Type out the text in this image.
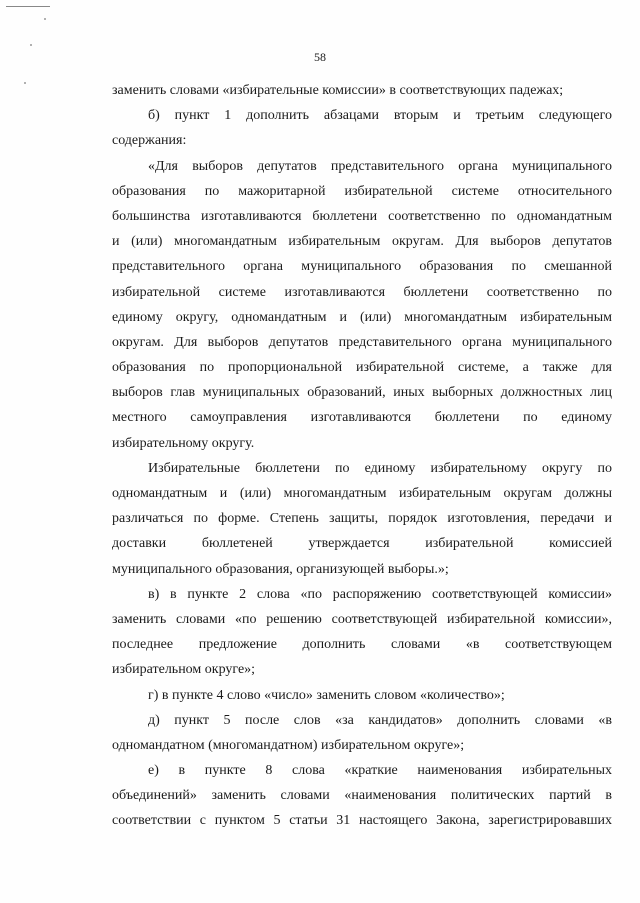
58
заменить словами «избирательные комиссии» в соответствующих падежах;
б) пункт 1 дополнить абзацами вторым и третьим следующего
содержания:
«Для выборов депутатов представительного органа муниципального
образования по мажоритарной избирательной системе относительного
большинства изготавливаются бюллетени соответственно по одномандатным
и (или) многомандатным избирательным округам. Для выборов депутатов
представительного органа муниципального образования по смешанной
избирательной системе изготавливаются бюллетени соответственно по
единому округу, одномандатным и (или) многомандатным избирательным
округам. Для выборов депутатов представительного органа муниципального
образования по пропорциональной избирательной системе, а также для
выборов глав муниципальных образований, иных выборных должностных лиц
местного самоуправления изготавливаются бюллетени по единому
избирательному округу.
Избирательные бюллетени по единому избирательному округу по
одномандатным и (или) многомандатным избирательным округам должны
различаться по форме. Степень защиты, порядок изготовления, передачи и
доставки бюллетеней утверждается избирательной комиссией
муниципального образования, организующей выборы.»;
в) в пункте 2 слова «по распоряжению соответствующей комиссии»
заменить словами «по решению соответствующей избирательной комиссии»,
последнее предложение дополнить словами «в соответствующем
избирательном округе»;
г) в пункте 4 слово «число» заменить словом «количество»;
д) пункт 5 после слов «за кандидатов» дополнить словами «в
одномандатном (многомандатном) избирательном округе»;
е) в пункте 8 слова «краткие наименования избирательных
объединений» заменить словами «наименования политических партий в
соответствии с пунктом 5 статьи 31 настоящего Закона, зарегистрировавших
